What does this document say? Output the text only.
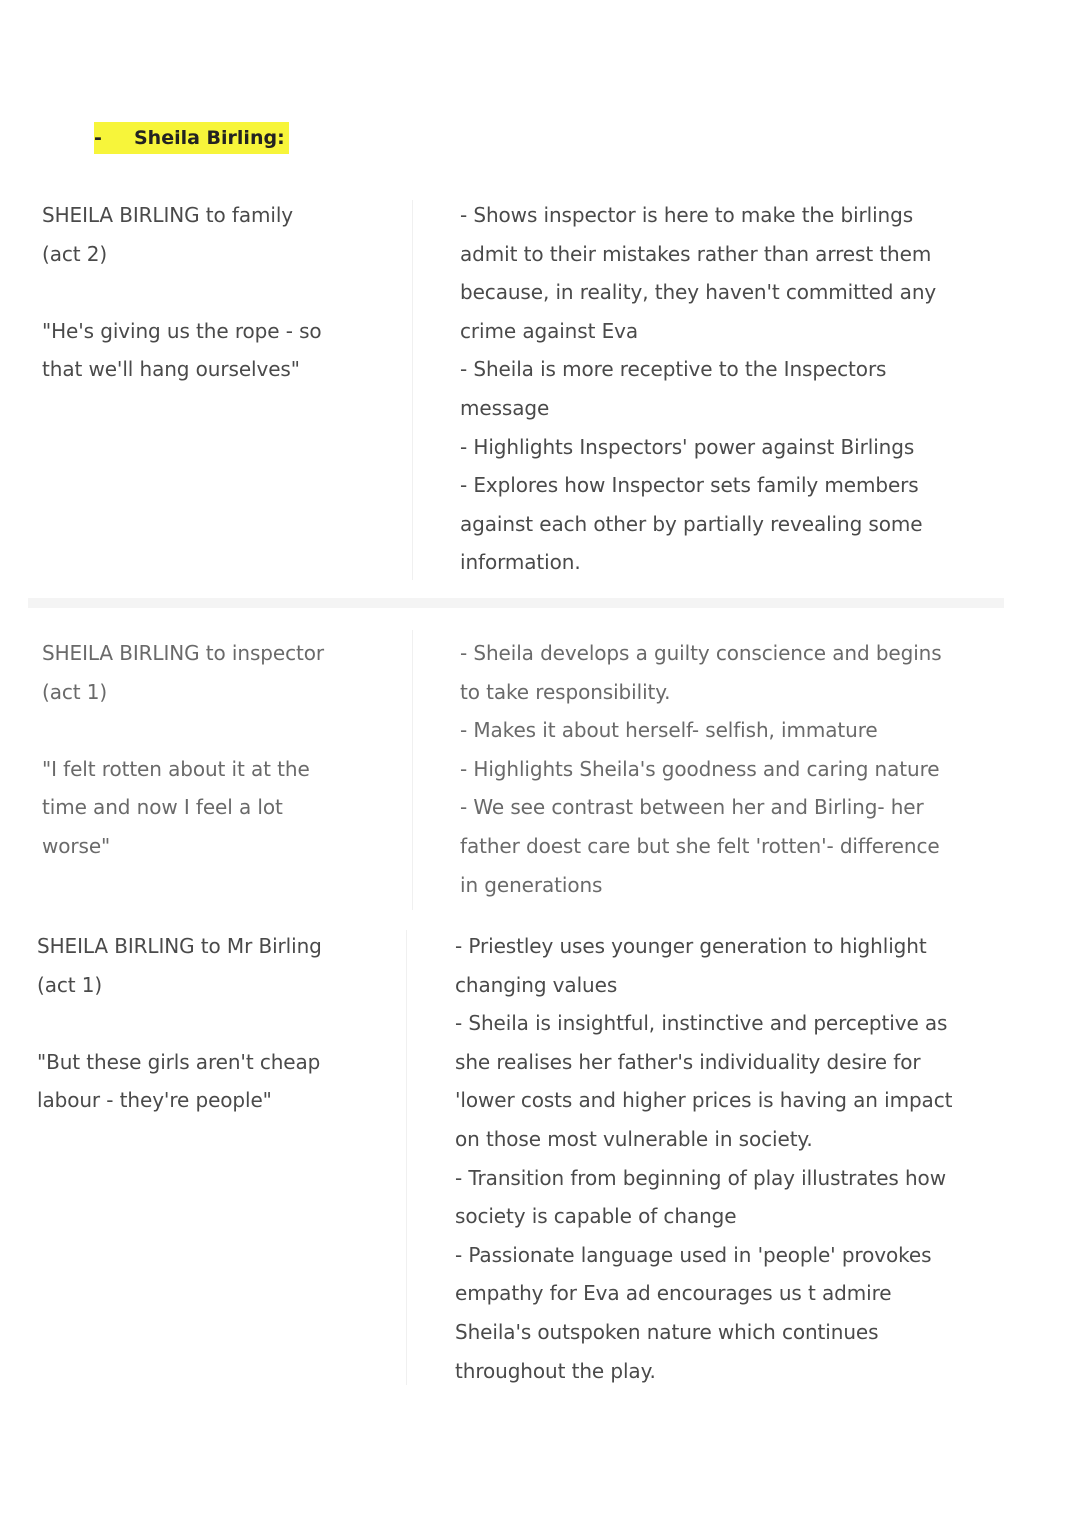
- Sheila Birling:
SHEILA BIRLING to family
(act 2)
"He's giving us the rope - so
that we'll hang ourselves"
- Shows inspector is here to make the birlings
admit to their mistakes rather than arrest them
because, in reality, they haven't committed any
crime against Eva
- Sheila is more receptive to the Inspectors
message
- Highlights Inspectors' power against Birlings
- Explores how Inspector sets family members
against each other by partially revealing some
information.
SHEILA BIRLING to inspector
(act 1)
"I felt rotten about it at the
time and now I feel a lot
worse"
- Sheila develops a guilty conscience and begins
to take responsibility.
- Makes it about herself- selfish, immature
- Highlights Sheila's goodness and caring nature
- We see contrast between her and Birling- her
father doest care but she felt 'rotten'- difference
in generations
SHEILA BIRLING to Mr Birling
(act 1)
"But these girls aren't cheap
labour - they're people"
- Priestley uses younger generation to highlight
changing values
- Sheila is insightful, instinctive and perceptive as
she realises her father's individuality desire for
'lower costs and higher prices is having an impact
on those most vulnerable in society.
- Transition from beginning of play illustrates how
society is capable of change
- Passionate language used in 'people' provokes
empathy for Eva ad encourages us t admire
Sheila's outspoken nature which continues
throughout the play.
